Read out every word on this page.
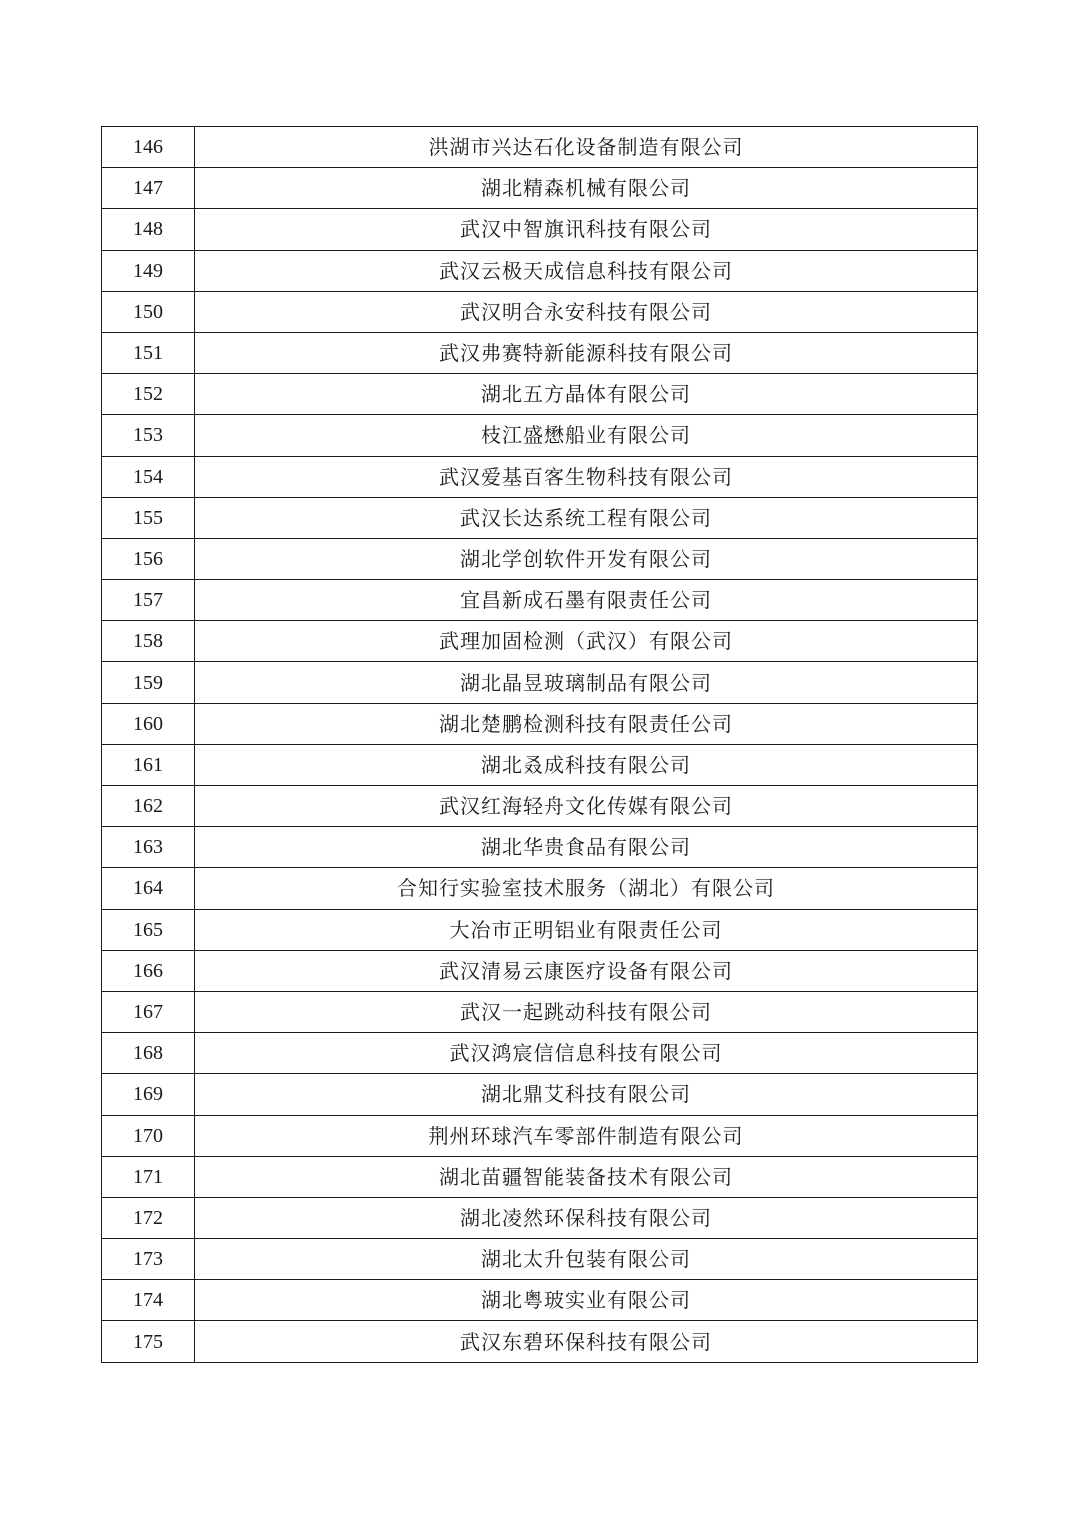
146	洪湖市兴达石化设备制造有限公司
147	湖北精森机械有限公司
148	武汉中智旗讯科技有限公司
149	武汉云极天成信息科技有限公司
150	武汉明合永安科技有限公司
151	武汉弗赛特新能源科技有限公司
152	湖北五方晶体有限公司
153	枝江盛懋船业有限公司
154	武汉爱基百客生物科技有限公司
155	武汉长达系统工程有限公司
156	湖北学创软件开发有限公司
157	宜昌新成石墨有限责任公司
158	武理加固检测（武汉）有限公司
159	湖北晶昱玻璃制品有限公司
160	湖北楚鹏检测科技有限责任公司
161	湖北叒成科技有限公司
162	武汉红海轻舟文化传媒有限公司
163	湖北华贵食品有限公司
164	合知行实验室技术服务（湖北）有限公司
165	大冶市正明铝业有限责任公司
166	武汉清易云康医疗设备有限公司
167	武汉一起跳动科技有限公司
168	武汉鸿宸信信息科技有限公司
169	湖北鼎艾科技有限公司
170	荆州环球汽车零部件制造有限公司
171	湖北苗疆智能装备技术有限公司
172	湖北凌然环保科技有限公司
173	湖北太升包装有限公司
174	湖北粤玻实业有限公司
175	武汉东碧环保科技有限公司
